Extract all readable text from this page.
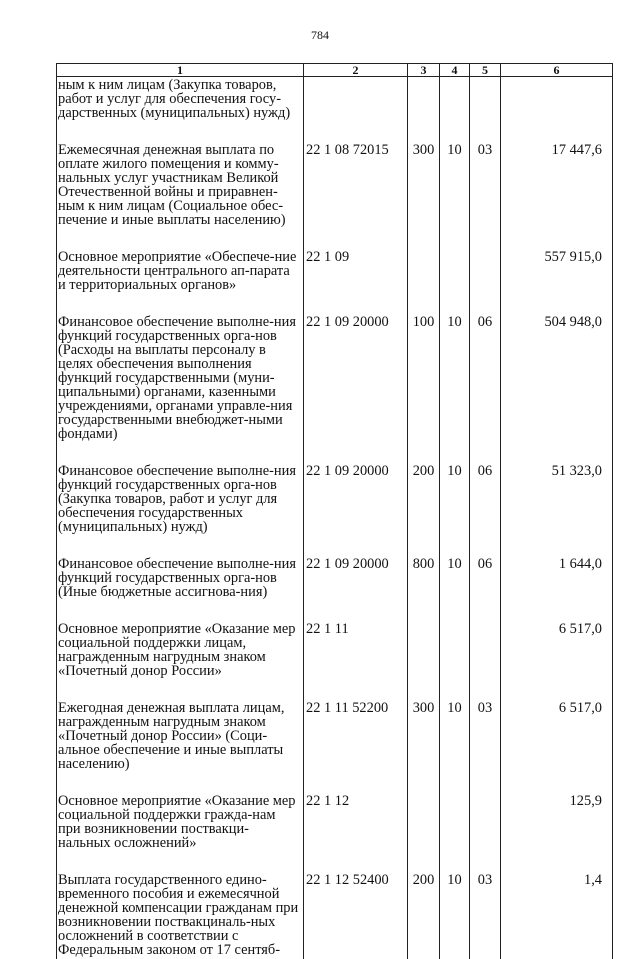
784
1	2	3	4	5	6
ным к ним лицам (Закупка товаров, работ и услуг для обеспечения госу-дарственных (муниципальных) нужд)					
Ежемесячная денежная выплата по оплате жилого помещения и комму-нальных услуг участникам Великой Отечественной войны и приравнен-ным к ним лицам (Социальное обес-печение и иные выплаты населению)	22 1 08 72015	300	10	03	17 447,6
Основное мероприятие «Обеспече-ние деятельности центрального ап-парата и территориальных органов»	22 1 09				557 915,0
Финансовое обеспечение выполне-ния функций государственных орга-нов (Расходы на выплаты персоналу в целях обеспечения выполнения функций государственными (муни-ципальными) органами, казенными учреждениями, органами управле-ния государственными внебюджет-ными фондами)	22 1 09 20000	100	10	06	504 948,0
Финансовое обеспечение выполне-ния функций государственных орга-нов (Закупка товаров, работ и услуг для обеспечения государственных (муниципальных) нужд)	22 1 09 20000	200	10	06	51 323,0
Финансовое обеспечение выполне-ния функций государственных орга-нов (Иные бюджетные ассигнова-ния)	22 1 09 20000	800	10	06	1 644,0
Основное мероприятие «Оказание мер социальной поддержки лицам, награжденным нагрудным знаком «Почетный донор России»	22 1 11				6 517,0
Ежегодная денежная выплата лицам, награжденным нагрудным знаком «Почетный донор России» (Соци-альное обеспечение и иные выплаты населению)	22 1 11 52200	300	10	03	6 517,0
Основное мероприятие «Оказание мер социальной поддержки гражда-нам при возникновении поствакци-нальных осложнений»	22 1 12				125,9
Выплата государственного едино-временного пособия и ежемесячной денежной компенсации гражданам при возникновении поствакциналь-ных осложнений в соответствии с Федеральным законом от 17 сентяб-	22 1 12 52400	200	10	03	1,4
